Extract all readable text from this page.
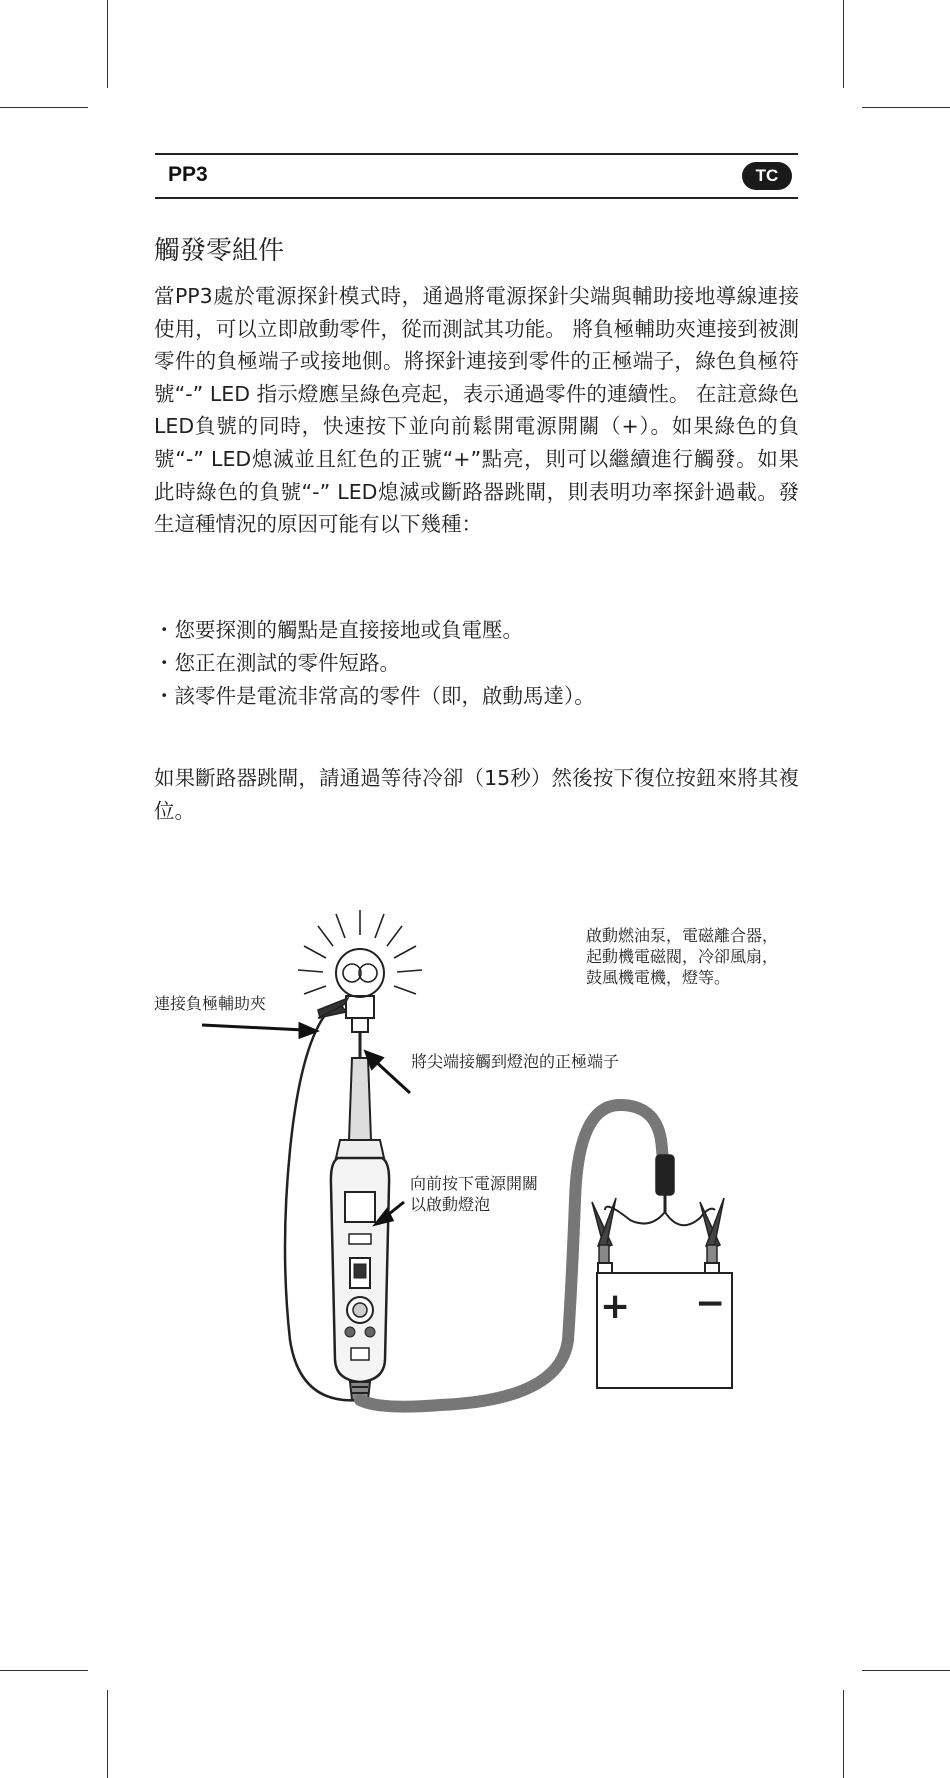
PP3	TC
觸發零組件

當PP3處於電源探針模式時，通過將電源探針尖端與輔助接地導線連接使用，可以立即啟動零件，從而測試其功能。 將負極輔助夾連接到被測零件的負極端子或接地側。將探針連接到零件的正極端子，綠色負極符號“-” LED 指示燈應呈綠色亮起，表示通過零件的連續性。 在註意綠色LED負號的同時，快速按下並向前鬆開電源開關（+）。如果綠色的負號“-” LED熄滅並且紅色的正號“+”點亮，則可以繼續進行觸發。如果此時綠色的負號“-” LED熄滅或斷路器跳閘，則表明功率探針過載。發生這種情況的原因可能有以下幾種：

・ 您要探測的觸點是直接接地或負電壓。
・ 您正在測試的零件短路。
・ 該零件是電流非常高的零件（即，啟動馬達）。

如果斷路器跳閘，請通過等待冷卻（15秒）然後按下復位按鈕來將其複位。

+ −
啟動燃油泵，電磁離合器，
起動機電磁閥，冷卻風扇，
鼓風機電機，燈等。
連接負極輔助夾
將尖端接觸到燈泡的正極端子
向前按下電源開關
以啟動燈泡
